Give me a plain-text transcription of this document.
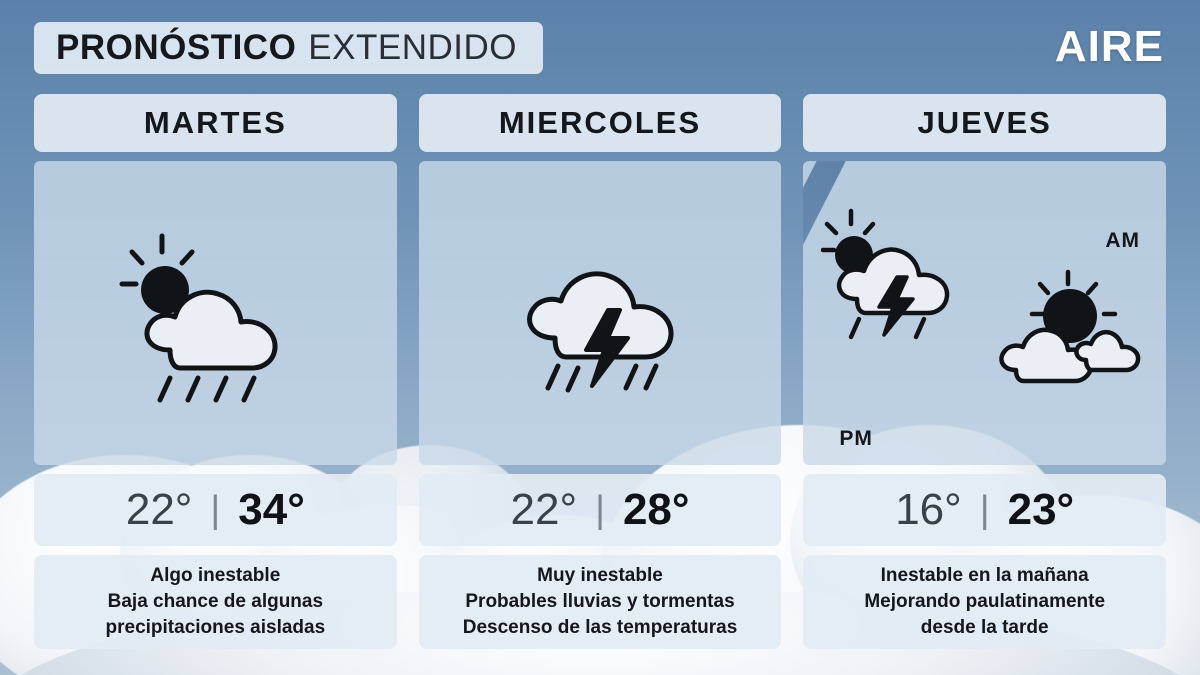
PRONÓSTICO EXTENDIDO	AIRE
MARTES
22° | 34°
Algo inestable
Baja chance de algunas
precipitaciones aisladas
MIERCOLES
22° | 28°
Muy inestable
Probables lluvias y tormentas
Descenso de las temperaturas
JUEVES
AM
PM
16° | 23°
Inestable en la mañana
Mejorando paulatinamente
desde la tarde
